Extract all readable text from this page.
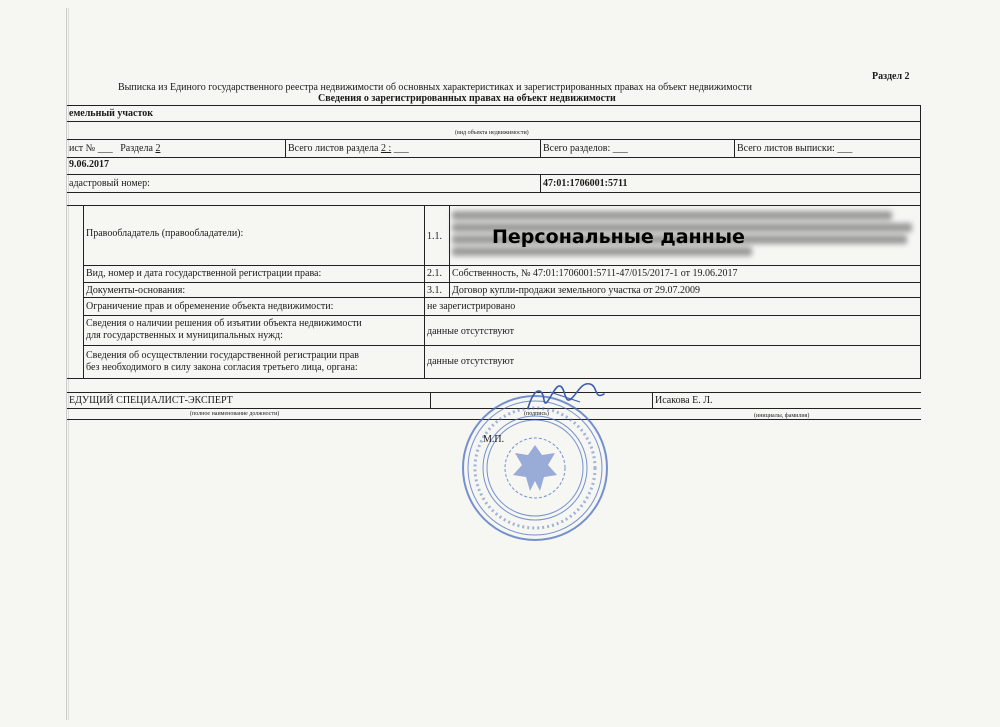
Раздел 2
Выписка из Единого государственного реестра недвижимости об основных характеристиках и зарегистрированных правах на объект недвижимости
Сведения о зарегистрированных правах на объект недвижимости
емельный участок
(вид объекта недвижимости)
ист № ___ Раздела 2	Всего листов раздела 2 : ___	Всего разделов: ___	Всего листов выписки: ___
9.06.2017
адастровый номер:	47:01:1706001:5711
Правообладатель (правообладатели):	1.1.	Персональные данные
Вид, номер и дата государственной регистрации права:	2.1. Собственность, № 47:01:1706001:5711-47/015/2017-1 от 19.06.2017
Документы-основания:	3.1. Договор купли-продажи земельного участка от 29.07.2009
Ограничение прав и обременение объекта недвижимости:	не зарегистрировано
Сведения о наличии решения об изъятии объекта недвижимости
для государственных и муниципальных нужд:	данные отсутствуют
Сведения об осуществлении государственной регистрации прав
без необходимого в силу закона согласия третьего лица, органа:
данные отсутствуют
ЕДУЩИЙ СПЕЦИАЛИСТ-ЭКСПЕРТ	Исакова Е. Л.
(полное наименование должности)	(подпись)	(инициалы, фамилия)
М.П.
